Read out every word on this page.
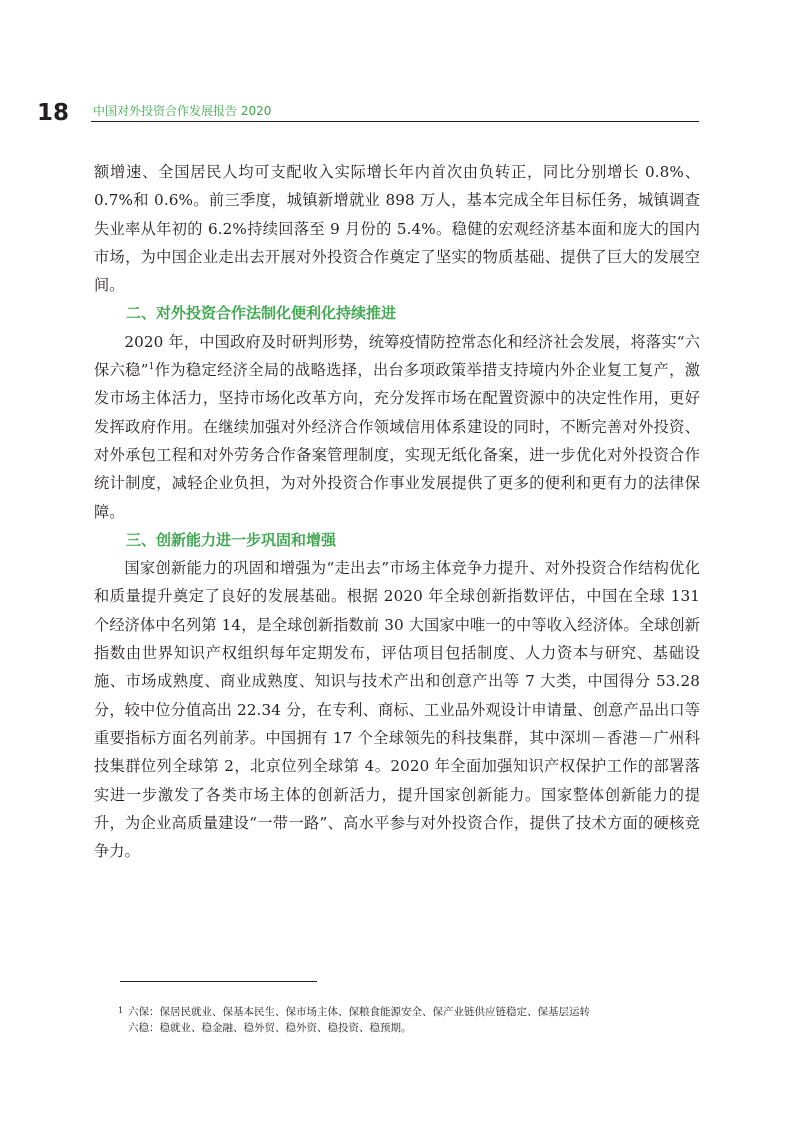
18 中国对外投资合作发展报告 2020

额增速、全国居民人均可支配收入实际增长年内首次由负转正，同比分别增长 0.8%、0.7%和 0.6%。前三季度，城镇新增就业 898 万人，基本完成全年目标任务，城镇调查失业率从年初的 6.2%持续回落至 9 月份的 5.4%。稳健的宏观经济基本面和庞大的国内市场，为中国企业走出去开展对外投资合作奠定了坚实的物质基础、提供了巨大的发展空间。

二、对外投资合作法制化便利化持续推进

2020 年，中国政府及时研判形势，统筹疫情防控常态化和经济社会发展，将落实“六保六稳”$^1$作为稳定经济全局的战略选择，出台多项政策举措支持境内外企业复工复产，激发市场主体活力，坚持市场化改革方向，充分发挥市场在配置资源中的决定性作用，更好发挥政府作用。在继续加强对外经济合作领域信用体系建设的同时，不断完善对外投资、对外承包工程和对外劳务合作备案管理制度，实现无纸化备案，进一步优化对外投资合作统计制度，减轻企业负担，为对外投资合作事业发展提供了更多的便利和更有力的法律保障。

三、创新能力进一步巩固和增强

国家创新能力的巩固和增强为“走出去”市场主体竞争力提升、对外投资合作结构优化和质量提升奠定了良好的发展基础。根据 2020 年全球创新指数评估，中国在全球 131 个经济体中名列第 14，是全球创新指数前 30 大国家中唯一的中等收入经济体。全球创新指数由世界知识产权组织每年定期发布，评估项目包括制度、人力资本与研究、基础设施、市场成熟度、商业成熟度、知识与技术产出和创意产出等 7 大类，中国得分 53.28 分，较中位分值高出 22.34 分，在专利、商标、工业品外观设计申请量、创意产品出口等重要指标方面名列前茅。中国拥有 17 个全球领先的科技集群，其中深圳－香港－广州科技集群位列全球第 2，北京位列全球第 4。2020 年全面加强知识产权保护工作的部署落实进一步激发了各类市场主体的创新活力，提升国家创新能力。国家整体创新能力的提升，为企业高质量建设“一带一路”、高水平参与对外投资合作，提供了技术方面的硬核竞争力。

1 六保：保居民就业、保基本民生、保市场主体、保粮食能源安全、保产业链供应链稳定、保基层运转

六稳：稳就业、稳金融、稳外贸、稳外资、稳投资、稳预期。
